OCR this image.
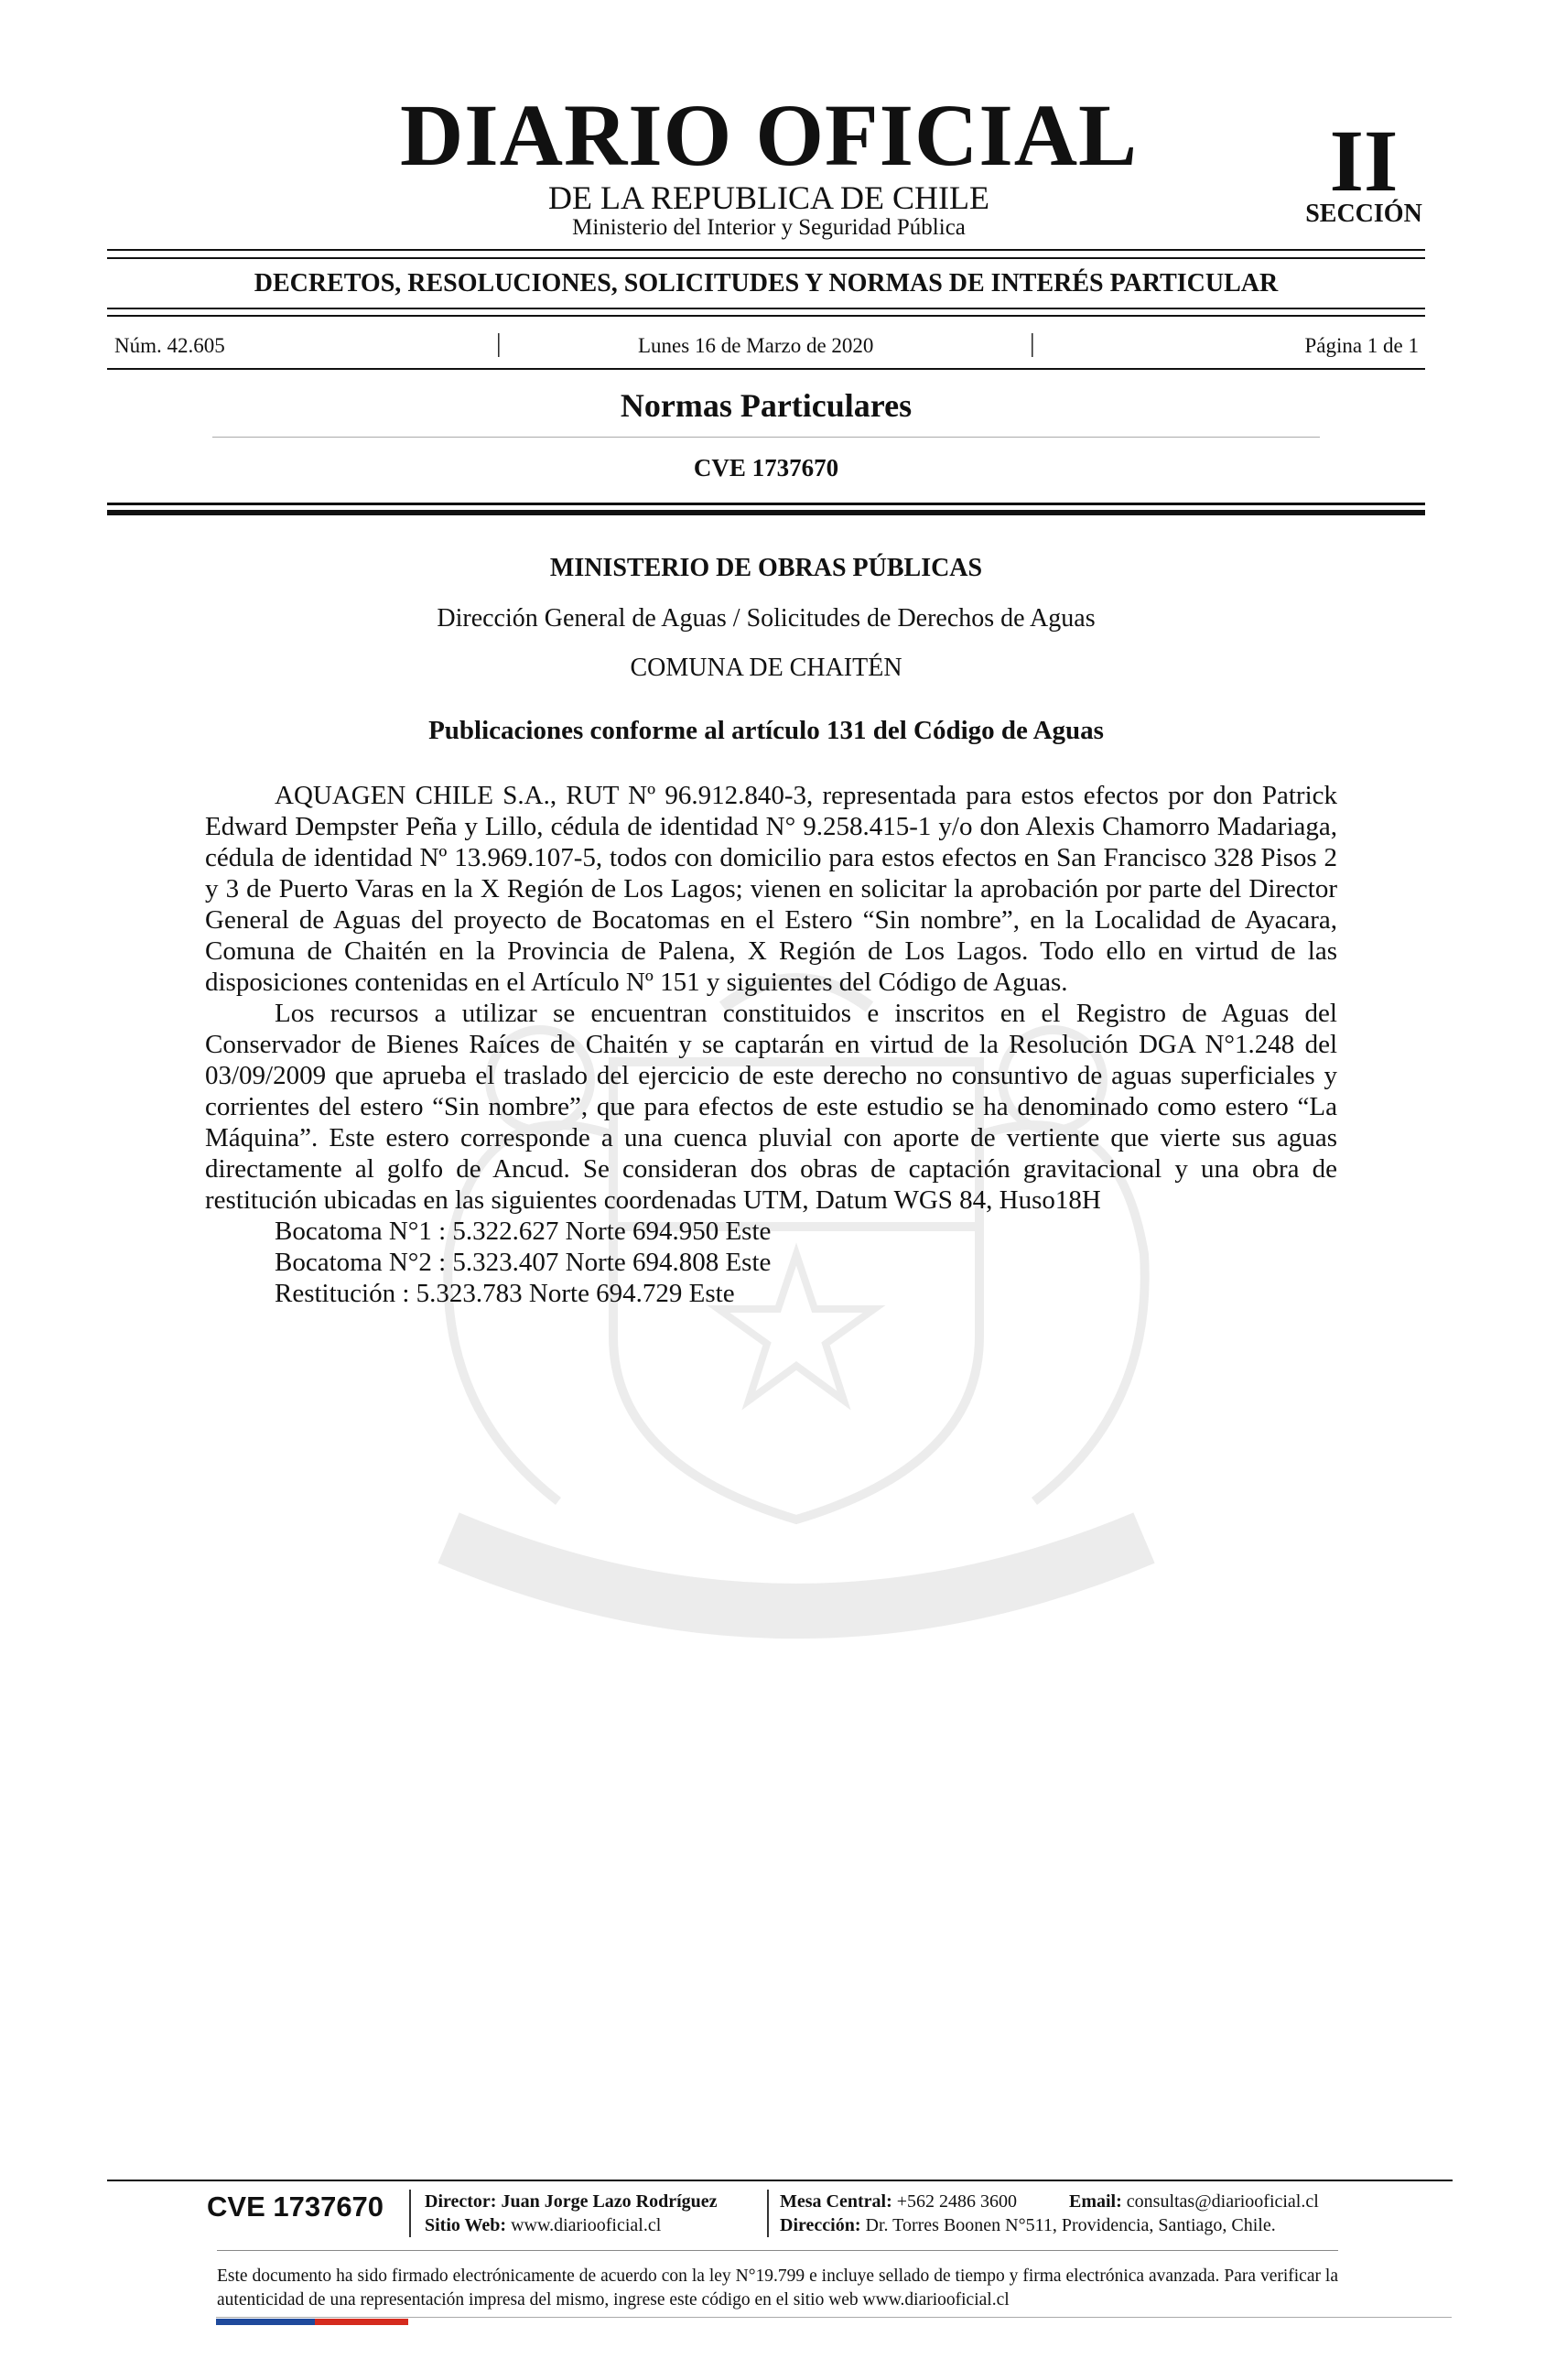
POR LA RAZON O LA FUERZA
DIARIO OFICIAL
DE LA REPUBLICA DE CHILE
Ministerio del Interior y Seguridad Pública
II
SECCIÓN
DECRETOS, RESOLUCIONES, SOLICITUDES Y NORMAS DE INTERÉS PARTICULAR
Núm. 42.605	|	Lunes 16 de Marzo de 2020	|	Página 1 de 1
Normas Particulares
CVE 1737670
MINISTERIO DE OBRAS PÚBLICAS
Dirección General de Aguas / Solicitudes de Derechos de Aguas
COMUNA DE CHAITÉN
Publicaciones conforme al artículo 131 del Código de Aguas

AQUAGEN CHILE S.A., RUT Nº 96.912.840-3, representada para estos efectos por don Patrick Edward Dempster Peña y Lillo, cédula de identidad N° 9.258.415-1 y/o don Alexis Chamorro Madariaga, cédula de identidad Nº 13.969.107-5, todos con domicilio para estos efectos en San Francisco 328 Pisos 2 y 3 de Puerto Varas en la X Región de Los Lagos; vienen en solicitar la aprobación por parte del Director General de Aguas del proyecto de Bocatomas en el Estero “Sin nombre”, en la Localidad de Ayacara, Comuna de Chaitén en la Provincia de Palena, X Región de Los Lagos. Todo ello en virtud de las disposiciones contenidas en el Artículo Nº 151 y siguientes del Código de Aguas.

Los recursos a utilizar se encuentran constituidos e inscritos en el Registro de Aguas del Conservador de Bienes Raíces de Chaitén y se captarán en virtud de la Resolución DGA N°1.248 del 03/09/2009 que aprueba el traslado del ejercicio de este derecho no consuntivo de aguas superficiales y corrientes del estero “Sin nombre”, que para efectos de este estudio se ha denominado como estero “La Máquina”. Este estero corresponde a una cuenca pluvial con aporte de vertiente que vierte sus aguas directamente al golfo de Ancud. Se consideran dos obras de captación gravitacional y una obra de restitución ubicadas en las siguientes coordenadas UTM, Datum WGS 84, Huso18H

Bocatoma N°1 : 5.322.627 Norte 694.950 Este
Bocatoma N°2 : 5.323.407 Norte 694.808 Este
Restitución : 5.323.783 Norte 694.729 Este
CVE 1737670 Director: Juan Jorge Lazo Rodríguez
Sitio Web: www.diariooficial.cl
Mesa Central: +562 2486 3600	Email: consultas@diariooficial.cl
Dirección: Dr. Torres Boonen N°511, Providencia, Santiago, Chile.
Este documento ha sido firmado electrónicamente de acuerdo con la ley N°19.799 e incluye sellado de tiempo y firma electrónica avanzada. Para verificar la autenticidad de una representación impresa del mismo, ingrese este código en el sitio web www.diariooficial.cl
